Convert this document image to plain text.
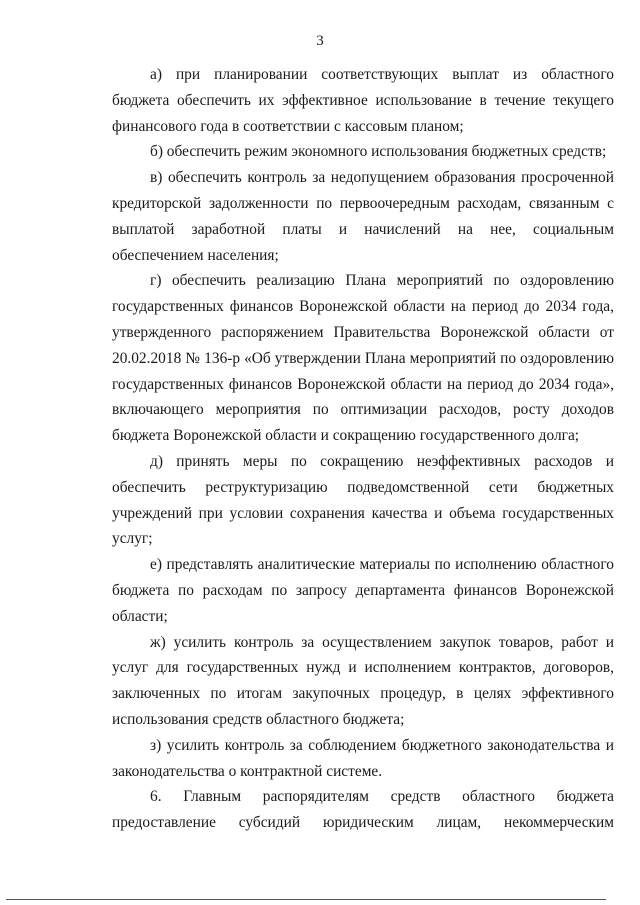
3

а) при планировании соответствующих выплат из областного бюджета обеспечить их эффективное использование в течение текущего финансового года в соответствии с кассовым планом;

б) обеспечить режим экономного использования бюджетных средств;

в) обеспечить контроль за недопущением образования просроченной кредиторской задолженности по первоочередным расходам, связанным с выплатой заработной платы и начислений на нее, социальным обеспечением населения;

г) обеспечить реализацию Плана мероприятий по оздоровлению государственных финансов Воронежской области на период до 2034 года, утвержденного распоряжением Правительства Воронежской области от 20.02.2018 № 136-р «Об утверждении Плана мероприятий по оздоровлению государственных финансов Воронежской области на период до 2034 года», включающего мероприятия по оптимизации расходов, росту доходов бюджета Воронежской области и сокращению государственного долга;

д) принять меры по сокращению неэффективных расходов и обеспечить реструктуризацию подведомственной сети бюджетных учреждений при условии сохранения качества и объема государственных услуг;

е) представлять аналитические материалы по исполнению областного бюджета по расходам по запросу департамента финансов Воронежской области;

ж) усилить контроль за осуществлением закупок товаров, работ и услуг для государственных нужд и исполнением контрактов, договоров, заключенных по итогам закупочных процедур, в целях эффективного использования средств областного бюджета;

з) усилить контроль за соблюдением бюджетного законодательства и законодательства о контрактной системе.

6. Главным распорядителям средств областного бюджета предоставление субсидий юридическим лицам, некоммерческим
